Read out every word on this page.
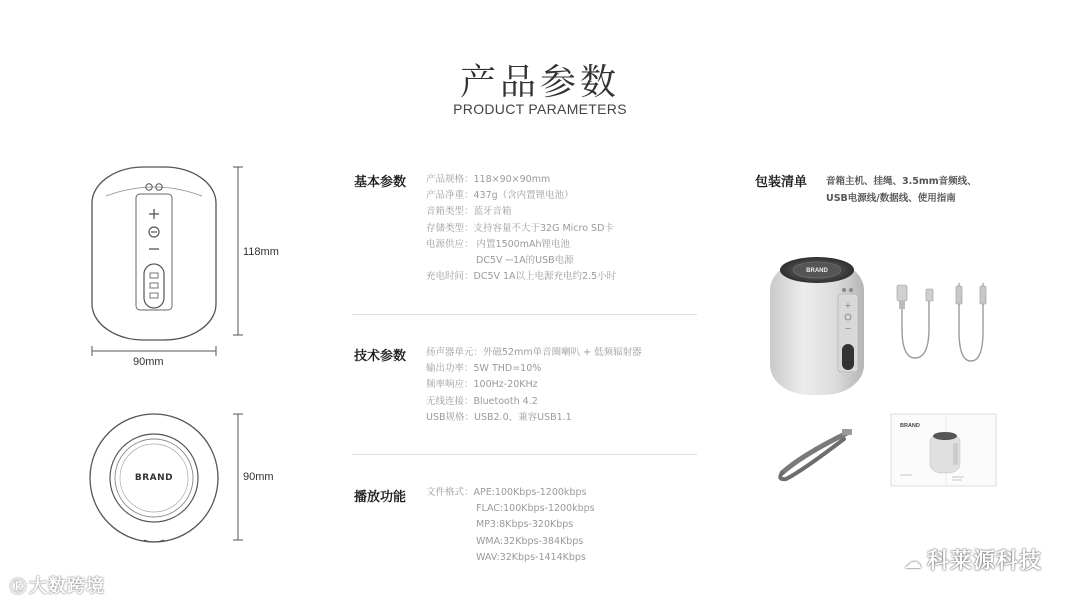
产品参数
PRODUCT PARAMETERS
118mm
90mm
BRAND	90mm
基本参数 产品规格：118×90×90mm
产品净重：437g（含内置锂电池）
音箱类型：蓝牙音箱
存储类型：支持容量不大于32G Micro SD卡
电源供应： 内置1500mAh锂电池
DC5V ⎓1A的USB电源
充电时间：DC5V 1A以上电源充电约2.5小时
技术参数 扬声器单元：外磁52mm单音圈喇叭 + 低频辐射器
输出功率：5W THD=10%
频率响应：100Hz-20KHz
无线连接：Bluetooth 4.2
USB规格：USB2.0、兼容USB1.1
播放功能 文件格式：APE:100Kbps-1200kbps
FLAC:100Kbps-1200kbps
MP3:8Kbps-320Kbps
WMA:32Kbps-384Kbps
WAV:32Kbps-1414Kbps
包装清单 音箱主机、挂绳、3.5mm音频线、
USB电源线/数据线、使用指南
BRAND
+
−
BRAND
ⓚ 大数跨境
☁ 科莱源科技
